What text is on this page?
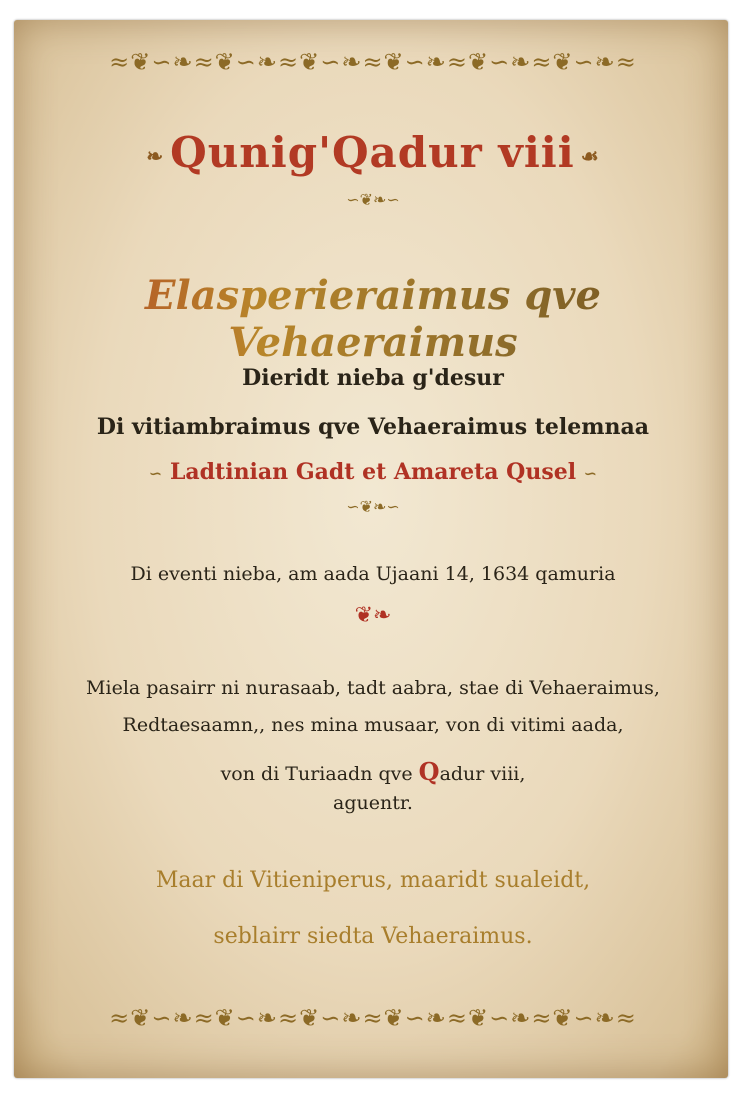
≈❦∽❧≈❦∽❧≈❦∽❧≈❦∽❧≈❦∽❧≈❦∽❧≈
❧ Qunig'Qadur viii ☙
∽❦❧∽
Elasperieraimus qve Vehaeraimus
Dieridt nieba g'desur
Di vitiambraimus qve Vehaeraimus telemnaa
∽ Ladtinian Gadt et Amareta Qusel ∽
∽❦❧∽
Di eventi nieba, am aada Ujaani 14, 1634 qamuria
❦❧
Miela pasairr ni nurasaab, tadt aabra, stae di Vehaeraimus,
Redtaesaamn,, nes mina musaar, von di vitimi aada,
von di Turiaadn qve Qadur viii,
aguentr.
Maar di Vitieniperus, maaridt sualeidt,
seblairr siedta Vehaeraimus.
≈❦∽❧≈❦∽❧≈❦∽❧≈❦∽❧≈❦∽❧≈❦∽❧≈
